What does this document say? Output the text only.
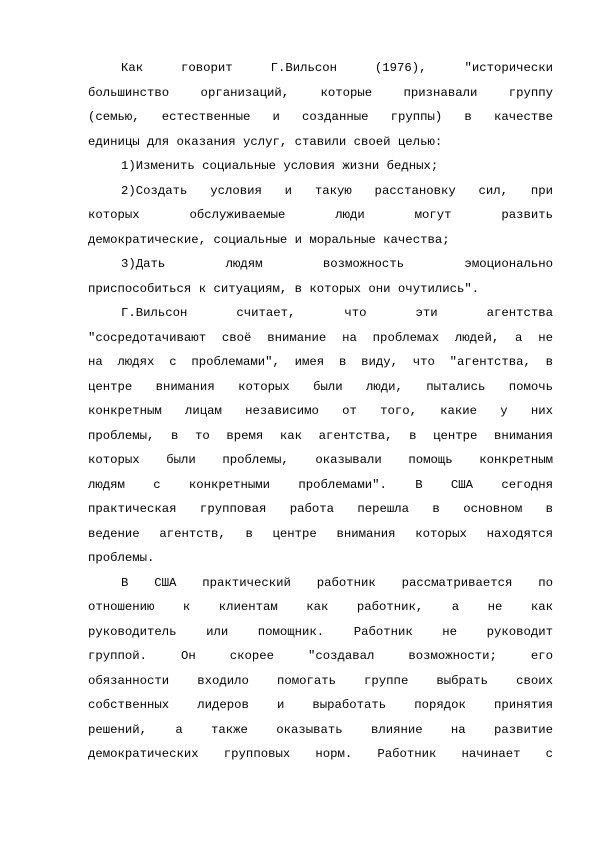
Как говорит Г.Вильсон (1976), "исторически
большинство организаций, которые признавали группу
(семью, естественные и созданные группы) в качестве
единицы для оказания услуг, ставили своей целью:
1)Изменить социальные условия жизни бедных;
2)Создать условия и такую расстановку сил, при
которых обслуживаемые люди могут развить
демократические, социальные и моральные качества;
3)Дать людям возможность эмоционально
приспособиться к ситуациям, в которых они очутились".
Г.Вильсон считает, что эти агентства
"сосредотачивают своё внимание на проблемах людей, а не
на людях с проблемами", имея в виду, что "агентства, в
центре внимания которых были люди, пытались помочь
конкретным лицам независимо от того, какие у них
проблемы, в то время как агентства, в центре внимания
которых были проблемы, оказывали помощь конкретным
людям с конкретными проблемами". В США сегодня
практическая групповая работа перешла в основном в
ведение агентств, в центре внимания которых находятся
проблемы.
В США практический работник рассматривается по
отношению к клиентам как работник, а не как
руководитель или помощник. Работник не руководит
группой. Он скорее "создавал возможности; его
обязанности входило помогать группе выбрать своих
собственных лидеров и выработать порядок принятия
решений, а также оказывать влияние на развитие
демократических групповых норм. Работник начинает с
